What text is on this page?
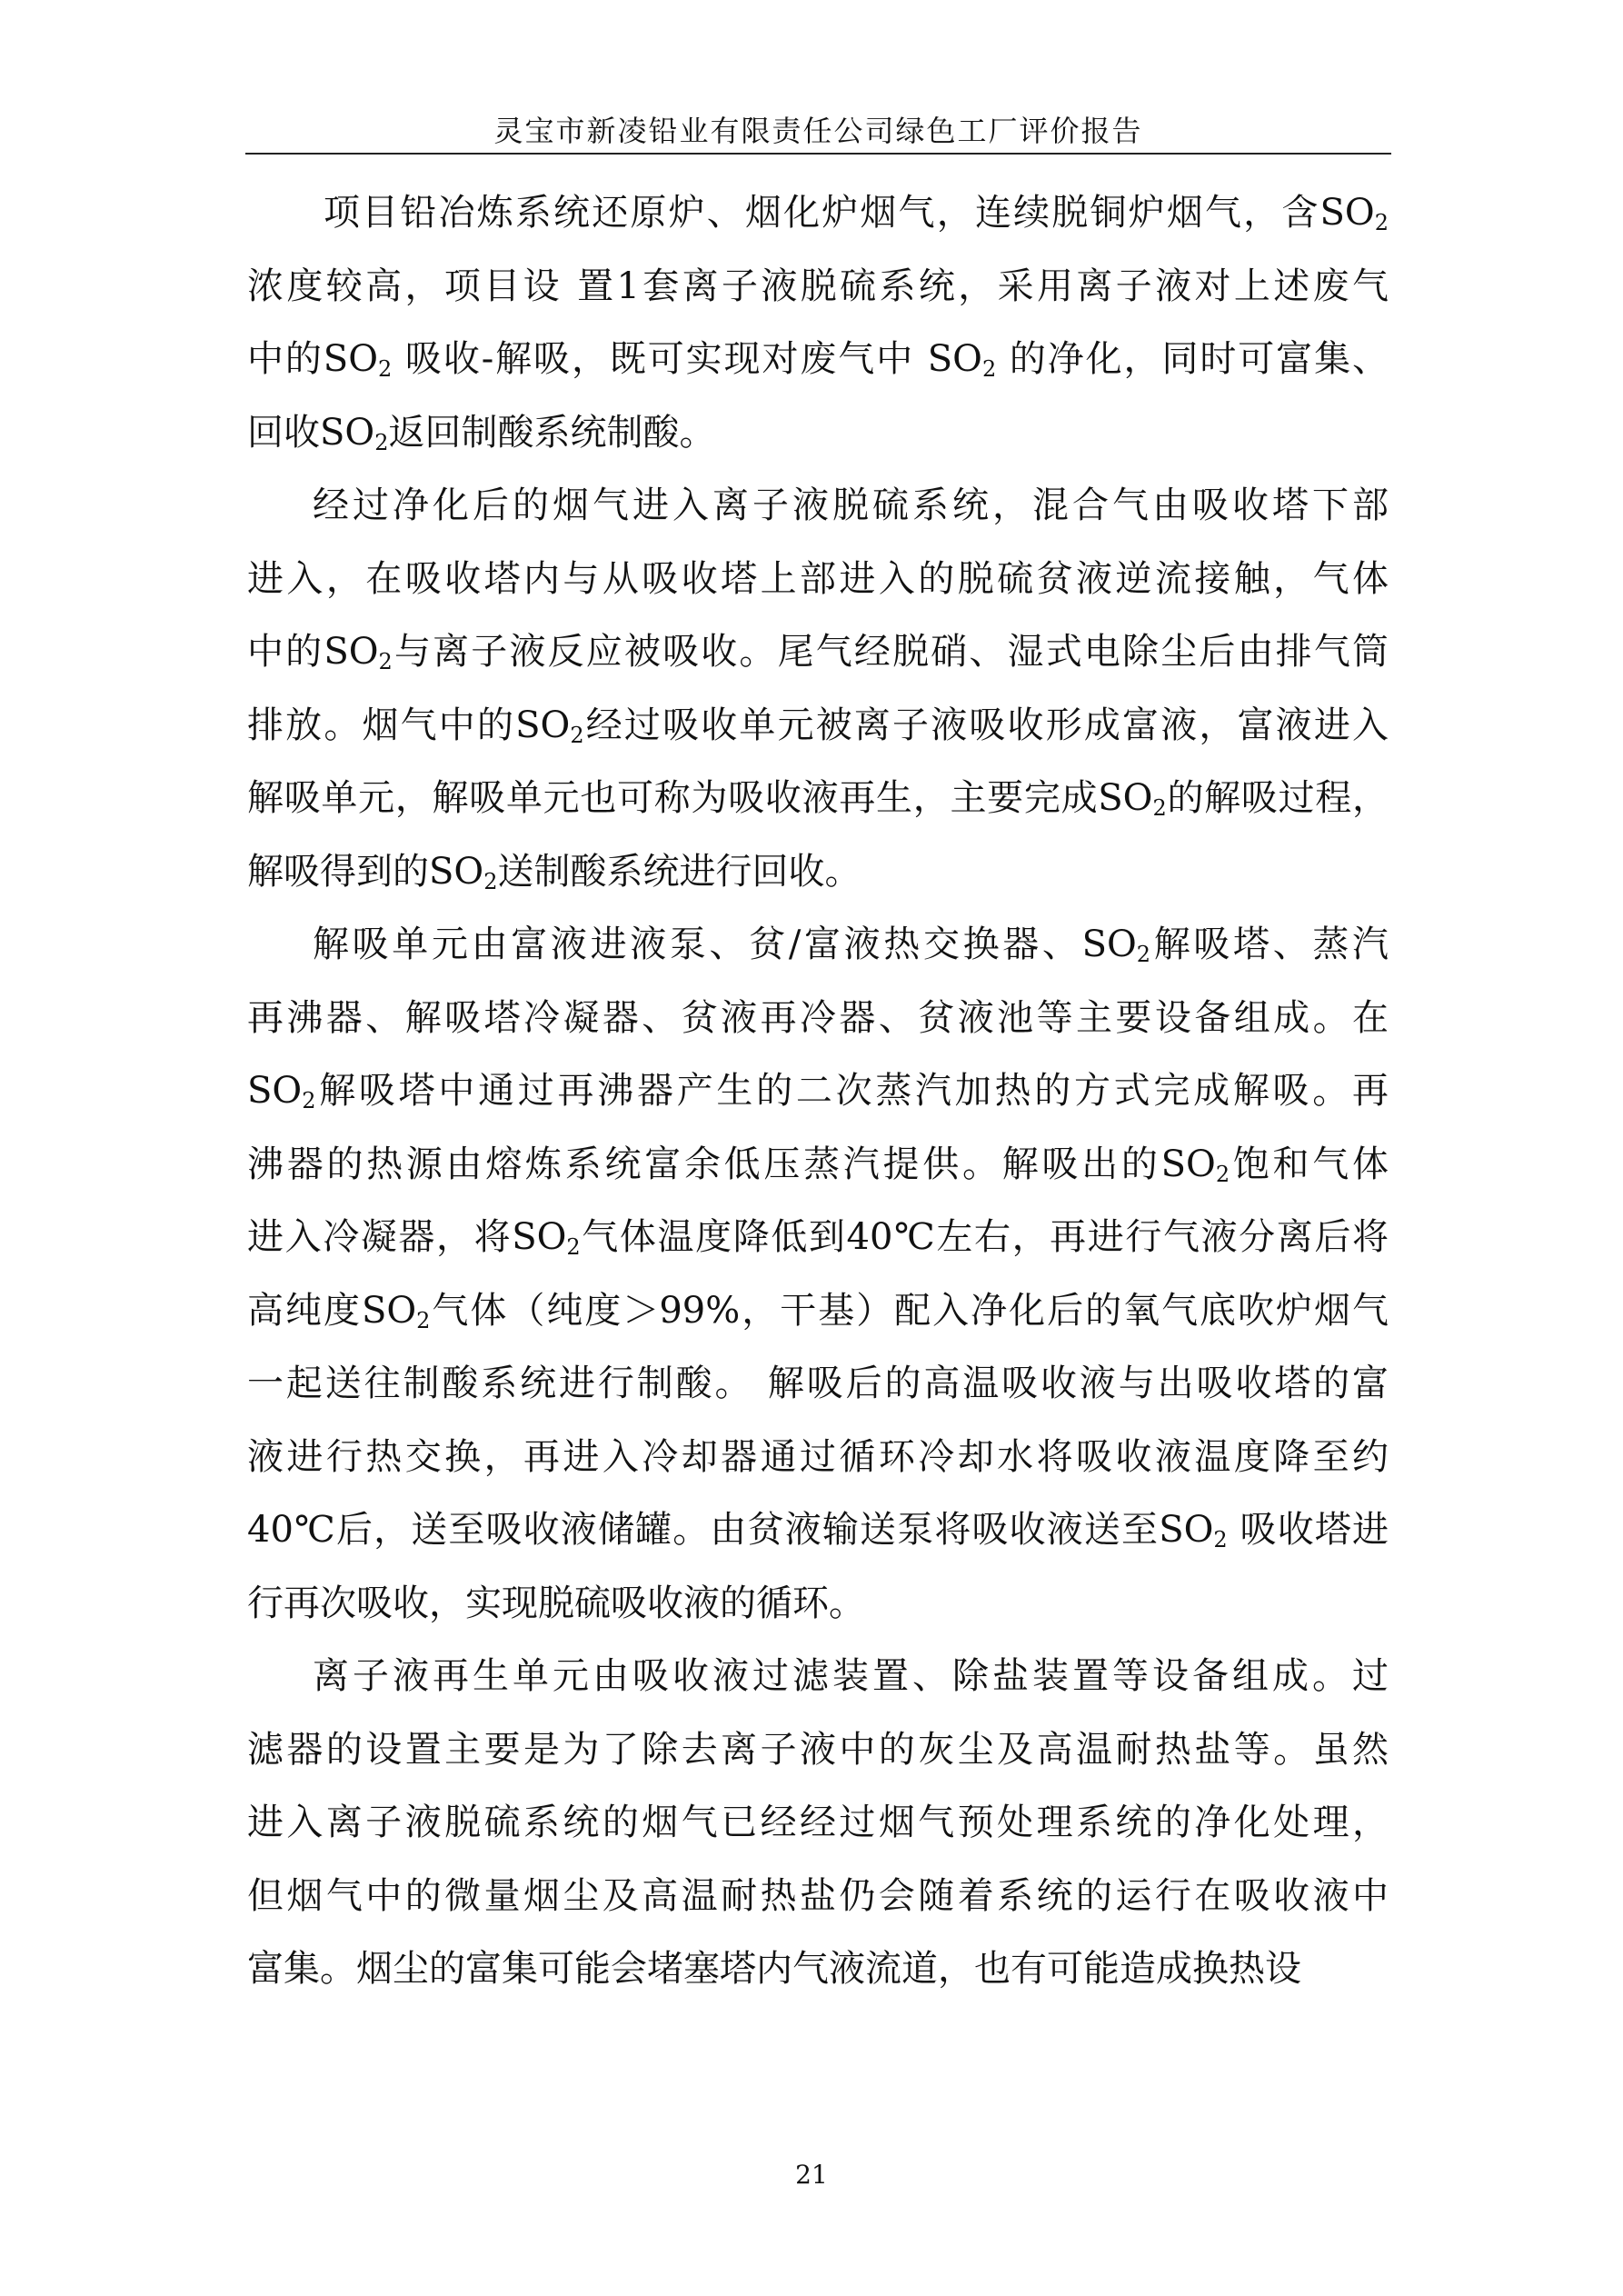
灵宝市新凌铅业有限责任公司绿色工厂评价报告

项目铅冶炼系统还原炉、烟化炉烟气，连续脱铜炉烟气，含$SO_2$
浓度较高，项目设 置1套离子液脱硫系统，采用离子液对上述废气
中的$SO_2$ 吸收-解吸，既可实现对废气中 $SO_2$ 的净化，同时可富集、
回收$SO_2$返回制酸系统制酸。

经过净化后的烟气进入离子液脱硫系统，混合气由吸收塔下部
进入，在吸收塔内与从吸收塔上部进入的脱硫贫液逆流接触，气体
中的$SO_2$与离子液反应被吸收。尾气经脱硝、湿式电除尘后由排气筒
排放。烟气中的$SO_2$经过吸收单元被离子液吸收形成富液，富液进入
解吸单元，解吸单元也可称为吸收液再生，主要完成$SO_2$的解吸过程，
解吸得到的$SO_2$送制酸系统进行回收。

解吸单元由富液进液泵、贫/富液热交换器、$SO_2$解吸塔、蒸汽
再沸器、解吸塔冷凝器、贫液再冷器、贫液池等主要设备组成。在
$SO_2$解吸塔中通过再沸器产生的二次蒸汽加热的方式完成解吸。再
沸器的热源由熔炼系统富余低压蒸汽提供。解吸出的$SO_2$饱和气体
进入冷凝器，将$SO_2$气体温度降低到40℃左右，再进行气液分离后将
高纯度$SO_2$气体（纯度＞99%，干基）配入净化后的氧气底吹炉烟气
一起送往制酸系统进行制酸。 解吸后的高温吸收液与出吸收塔的富
液进行热交换，再进入冷却器通过循环冷却水将吸收液温度降至约
40℃后，送至吸收液储罐。由贫液输送泵将吸收液送至$SO_2$ 吸收塔进
行再次吸收，实现脱硫吸收液的循环。

离子液再生单元由吸收液过滤装置、除盐装置等设备组成。过
滤器的设置主要是为了除去离子液中的灰尘及高温耐热盐等。虽然
进入离子液脱硫系统的烟气已经经过烟气预处理系统的净化处理，
但烟气中的微量烟尘及高温耐热盐仍会随着系统的运行在吸收液中
富集。烟尘的富集可能会堵塞塔内气液流道，也有可能造成换热设

21
